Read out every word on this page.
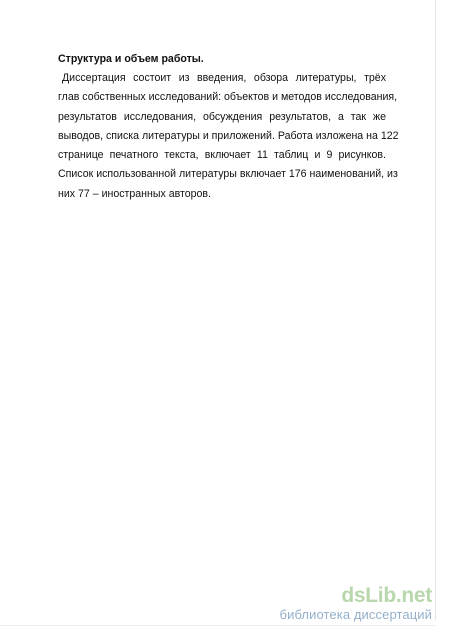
Структура и объем работы.

Диссертация состоит из введения, обзора литературы, трёх
глав собственных исследований: объектов и методов исследования,
результатов исследования, обсуждения результатов, а так же
выводов, списка литературы и приложений. Работа изложена на 122
странице печатного текста, включает 11 таблиц и 9 рисунков.
Список использованной литературы включает 176 наименований, из
них 77 – иностранных авторов.

dsLib.net
библиотека диссертаций
